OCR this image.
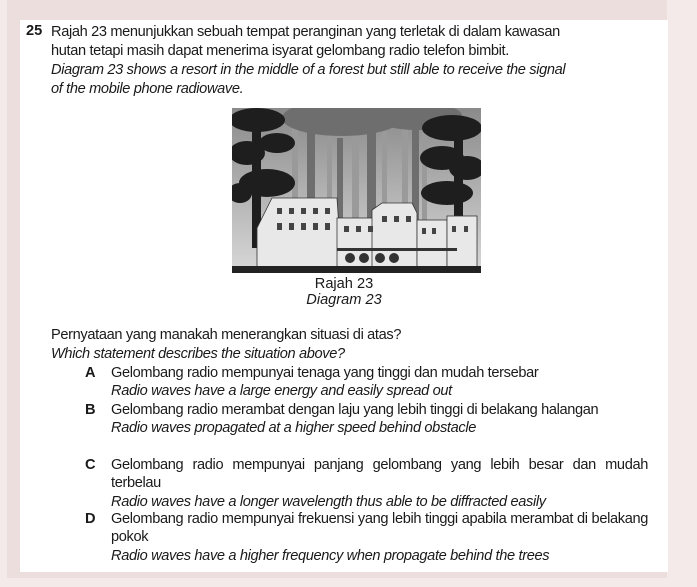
25 Rajah 23 menunjukkan sebuah tempat peranginan yang terletak di dalam kawasan
hutan tetapi masih dapat menerima isyarat gelombang radio telefon bimbit.
Diagram 23 shows a resort in the middle of a forest but still able to receive the signal
of the mobile phone radiowave.
Rajah 23
Diagram 23
Pernyataan yang manakah menerangkan situasi di atas?
Which statement describes the situation above?
A Gelombang radio mempunyai tenaga yang tinggi dan mudah tersebar
Radio waves have a large energy and easily spread out
B Gelombang radio merambat dengan laju yang lebih tinggi di belakang halangan
Radio waves propagated at a higher speed behind obstacle
C Gelombang radio mempunyai panjang gelombang yang lebih besar dan mudah terbelau
Radio waves have a longer wavelength thus able to be diffracted easily
D Gelombang radio mempunyai frekuensi yang lebih tinggi apabila merambat di belakang pokok
Radio waves have a higher frequency when propagate behind the trees
